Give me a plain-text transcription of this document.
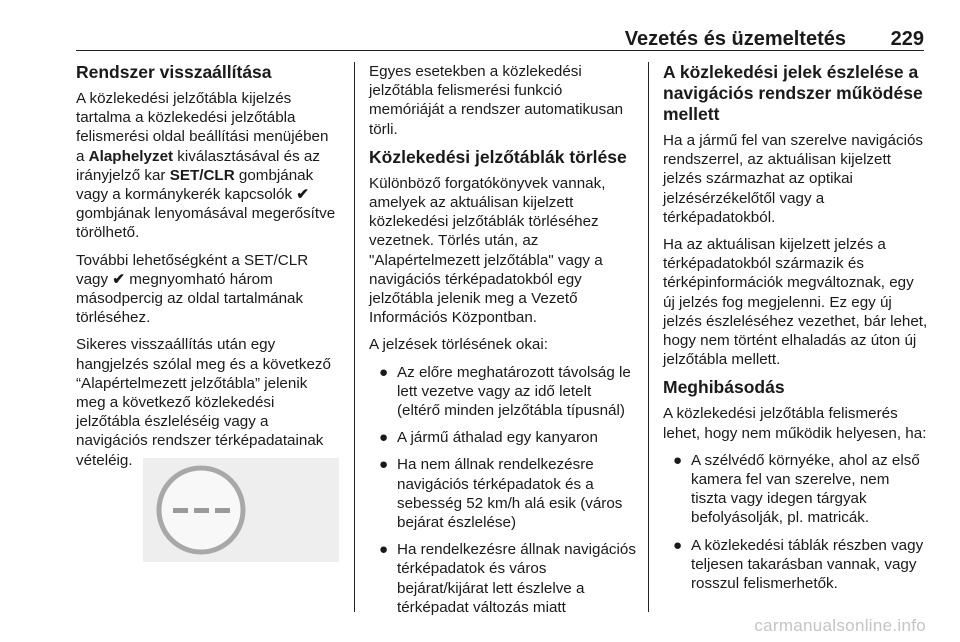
Vezetés és üzemeltetés 229
Rendszer visszaállítása

A közlekedési jelzőtábla kijelzés tartalma a közlekedési jelzőtábla felismerési oldal beállítási menüjében a Alaphelyzet kiválasztásával és az irányjelző kar SET/CLR gombjának vagy a kormánykerék kapcsolók ✔ gombjának lenyomásával megerősítve törölhető.

További lehetőségként a SET/CLR vagy ✔ megnyomható három másodpercig az oldal tartalmának törléséhez.

Sikeres visszaállítás után egy hangjelzés szólal meg és a következő “Alapértelmezett jelzőtábla” jelenik meg a következő közlekedési jelzőtábla észleléséig vagy a navigációs rendszer térképadatainak vételéig.

Egyes esetekben a közlekedési jelzőtábla felismerési funkció memóriáját a rendszer automatikusan törli.

Közlekedési jelzőtáblák törlése

Különböző forgatókönyvek vannak, amelyek az aktuálisan kijelzett közlekedési jelzőtáblák törléséhez vezetnek. Törlés után, az "Alapértelmezett jelzőtábla" vagy a navigációs térképadatokból egy jelzőtábla jelenik meg a Vezető Információs Központban.

A jelzések törlésének okai:

● Az előre meghatározott távolság le lett vezetve vagy az idő letelt (eltérő minden jelzőtábla típusnál)
● A jármű áthalad egy kanyaron
● Ha nem állnak rendelkezésre navigációs térképadatok és a sebesség 52 km/h alá esik (város bejárat észlelése)
● Ha rendelkezésre állnak navigációs térképadatok és város bejárat/kijárat lett észlelve a térképadat változás miatt
A közlekedési jelek észlelése a navigációs rendszer működése mellett

Ha a jármű fel van szerelve navigációs rendszerrel, az aktuálisan kijelzett jelzés származhat az optikai jelzésérzékelőtől vagy a térképadatokból.

Ha az aktuálisan kijelzett jelzés a térképadatokból származik és térképinformációk megváltoznak, egy új jelzés fog megjelenni. Ez egy új jelzés észleléséhez vezethet, bár lehet, hogy nem történt elhaladás az úton új jelzőtábla mellett.

Meghibásodás

A közlekedési jelzőtábla felismerés lehet, hogy nem működik helyesen, ha:

● A szélvédő környéke, ahol az első kamera fel van szerelve, nem tiszta vagy idegen tárgyak befolyásolják, pl. matricák.
● A közlekedési táblák részben vagy teljesen takarásban vannak, vagy rosszul felismerhetők.
carmanualsonline.info
